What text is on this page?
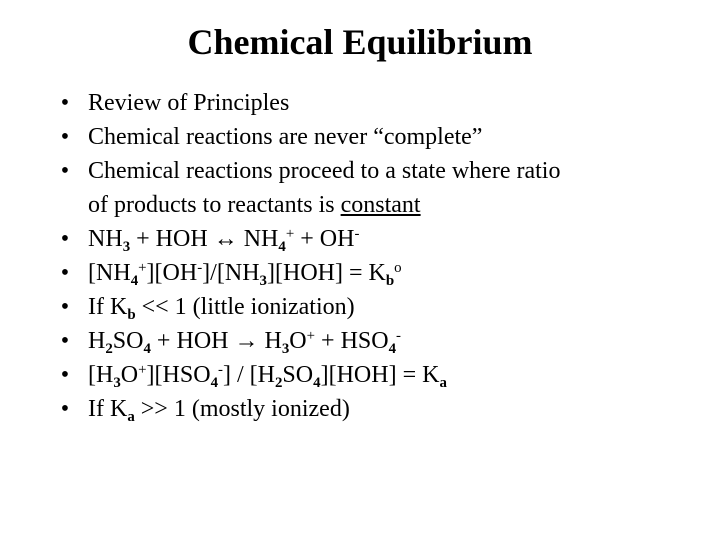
Chemical Equilibrium
• Review of Principles
• Chemical reactions are never “complete”
• Chemical reactions proceed to a state where ratio
of products to reactants is constant
• $NH_3$ + HOH ↔ $NH_4^+ + OH^-$
• $[NH_4^+][OH^-]/[NH_3][HOH] = K_b^o$
• If $K_b << 1$ (little ionization)
• $H_2SO_4$ + HOH → $H_3O^+ + HSO_4^-$
• $[H_3O^+][HSO_4^-] / [H_2SO_4][HOH] = K_a$
• If $K_a >> 1$ (mostly ionized)
